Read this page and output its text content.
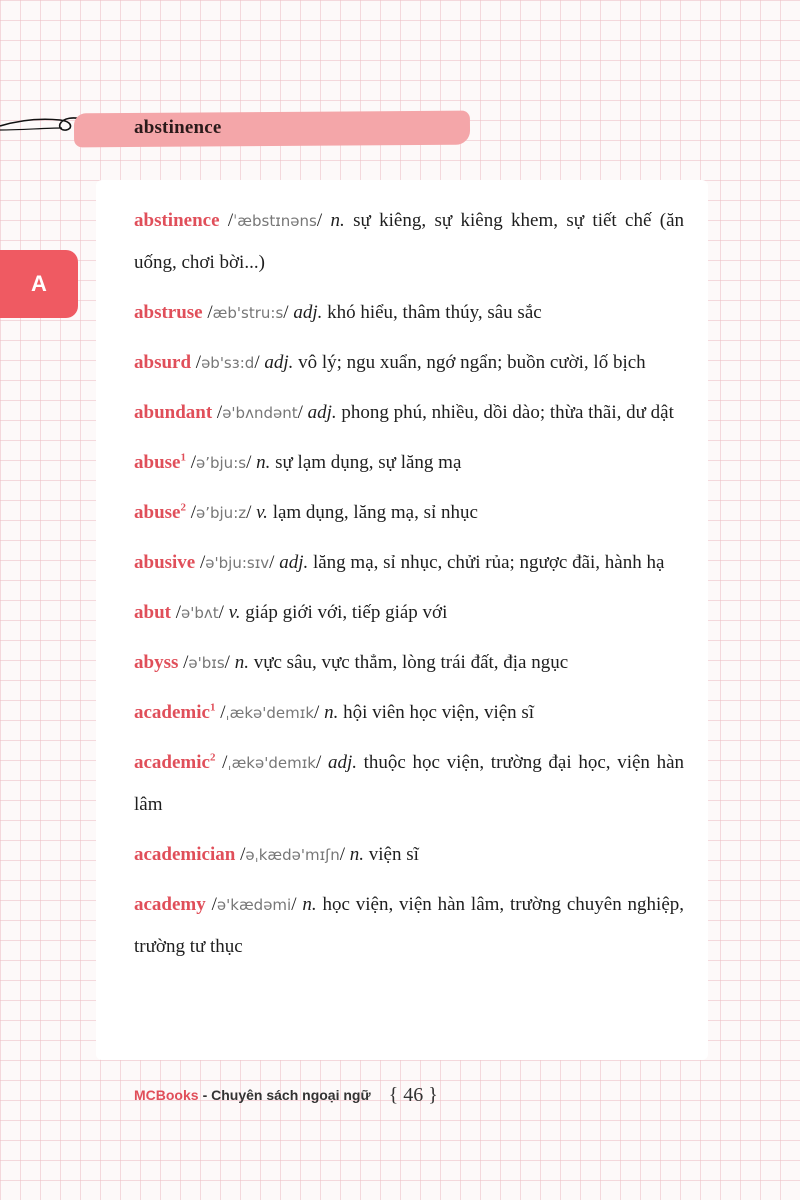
abstinence
A

abstinence /ˈæbstɪnəns/ n. sự kiêng, sự kiêng khem, sự tiết chế (ăn uống, chơi bời...)

abstruse /æb'stru:s/ adj. khó hiểu, thâm thúy, sâu sắc

absurd /əb'sɜ:d/ adj. vô lý; ngu xuẩn, ngớ ngẩn; buồn cười, lố bịch

abundant /ə'bʌndənt/ adj. phong phú, nhiều, dồi dào; thừa thãi, dư dật

abuse$^1$ /ə’bju:s/ n. sự lạm dụng, sự lăng mạ

abuse$^2$ /ə’bju:z/ v. lạm dụng, lăng mạ, sỉ nhục

abusive /ə'bju:sɪv/ adj. lăng mạ, sỉ nhục, chửi rủa; ngược đãi, hành hạ

abut /ə'bʌt/ v. giáp giới với, tiếp giáp với

abyss /ə'bɪs/ n. vực sâu, vực thẳm, lòng trái đất, địa ngục

academic$^1$ /ˌækə'demɪk/ n. hội viên học viện, viện sĩ

academic$^2$ /ˌækə'demɪk/ adj. thuộc học viện, trường đại học, viện hàn lâm

academician /əˌkædə'mɪʃn/ n. viện sĩ

academy /ə'kædəmi/ n. học viện, viện hàn lâm, trường chuyên nghiệp, trường tư thục

MCBooks - Chuyên sách ngoại ngữ { 46 }
